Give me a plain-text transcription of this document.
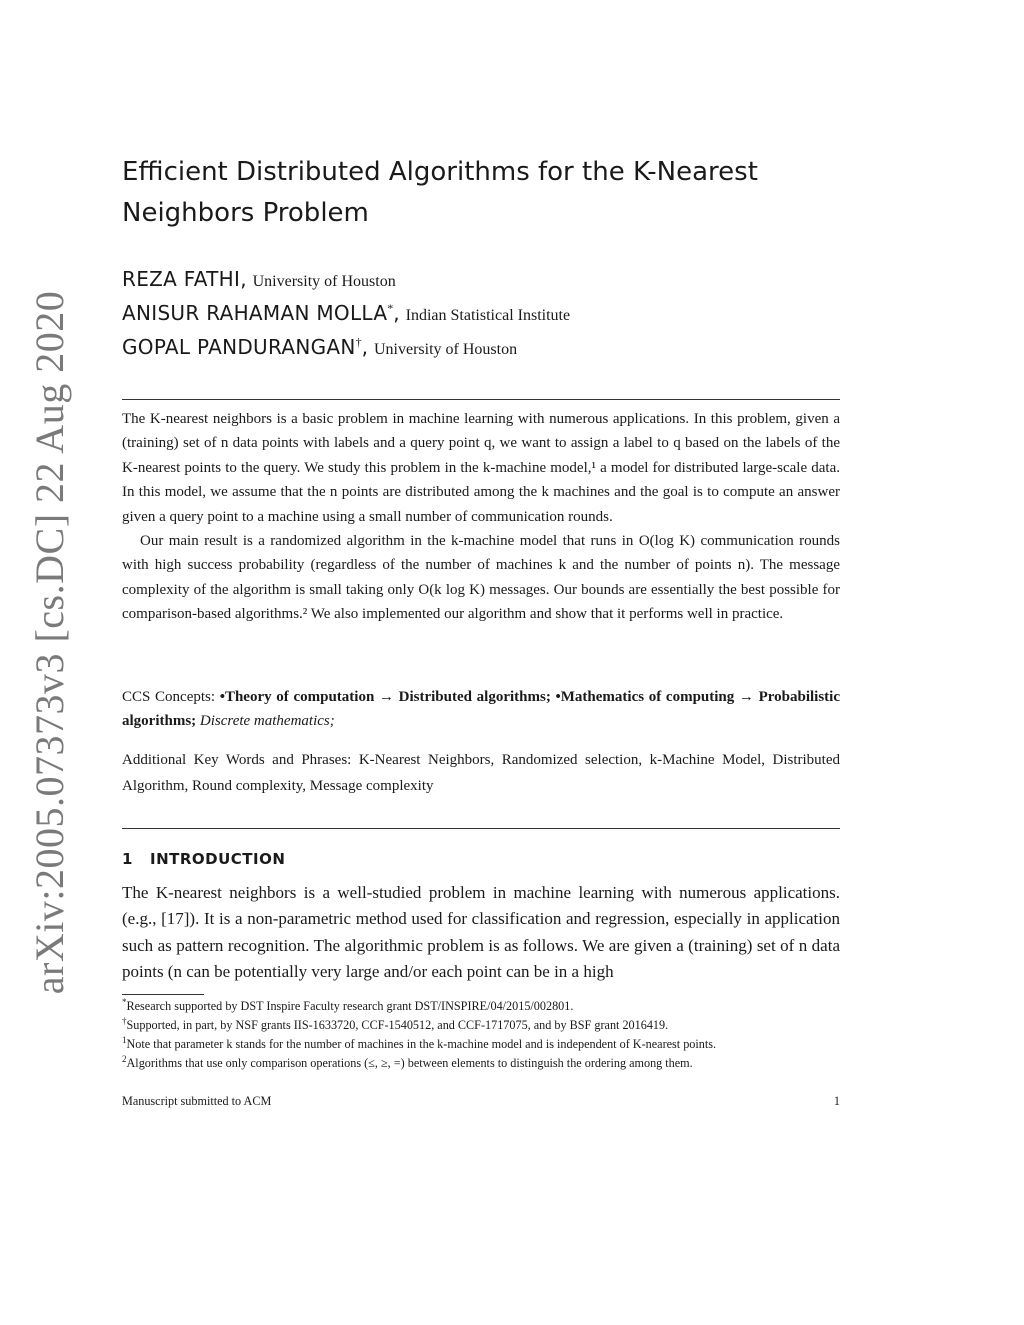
arXiv:2005.07373v3 [cs.DC] 22 Aug 2020
Efficient Distributed Algorithms for the K-Nearest Neighbors Problem
REZA FATHI , University of Houston
ANISUR RAHAMAN MOLLA * , Indian Statistical Institute
GOPAL PANDURANGAN † , University of Houston

The K-nearest neighbors is a basic problem in machine learning with numerous applications. In this problem, given a (training) set of n data points with labels and a query point q, we want to assign a label to q based on the labels of the K-nearest points to the query. We study this problem in the k-machine model,¹ a model for distributed large-scale data. In this model, we assume that the n points are distributed among the k machines and the goal is to compute an answer given a query point to a machine using a small number of communication rounds.

Our main result is a randomized algorithm in the k-machine model that runs in O(log K) communication rounds with high success probability (regardless of the number of machines k and the number of points n). The message complexity of the algorithm is small taking only O(k log K) messages. Our bounds are essentially the best possible for comparison-based algorithms.² We also implemented our algorithm and show that it performs well in practice.

CCS Concepts: •Theory of computation → Distributed algorithms; •Mathematics of computing → Probabilistic algorithms; Discrete mathematics;
Additional Key Words and Phrases: K-Nearest Neighbors, Randomized selection, k-Machine Model, Distributed Algorithm, Round complexity, Message complexity
1 INTRODUCTION

The K-nearest neighbors is a well-studied problem in machine learning with numerous applications. (e.g., [17]). It is a non-parametric method used for classification and regression, especially in application such as pattern recognition. The algorithmic problem is as follows. We are given a (training) set of n data points (n can be potentially very large and/or each point can be in a high

*Research supported by DST Inspire Faculty research grant DST/INSPIRE/04/2015/002801.
†Supported, in part, by NSF grants IIS-1633720, CCF-1540512, and CCF-1717075, and by BSF grant 2016419.
$^1$Note that parameter k stands for the number of machines in the k-machine model and is independent of K-nearest points.
$^2$Algorithms that use only comparison operations (≤, ≥, =) between elements to distinguish the ordering among them.
Manuscript submitted to ACM	1
